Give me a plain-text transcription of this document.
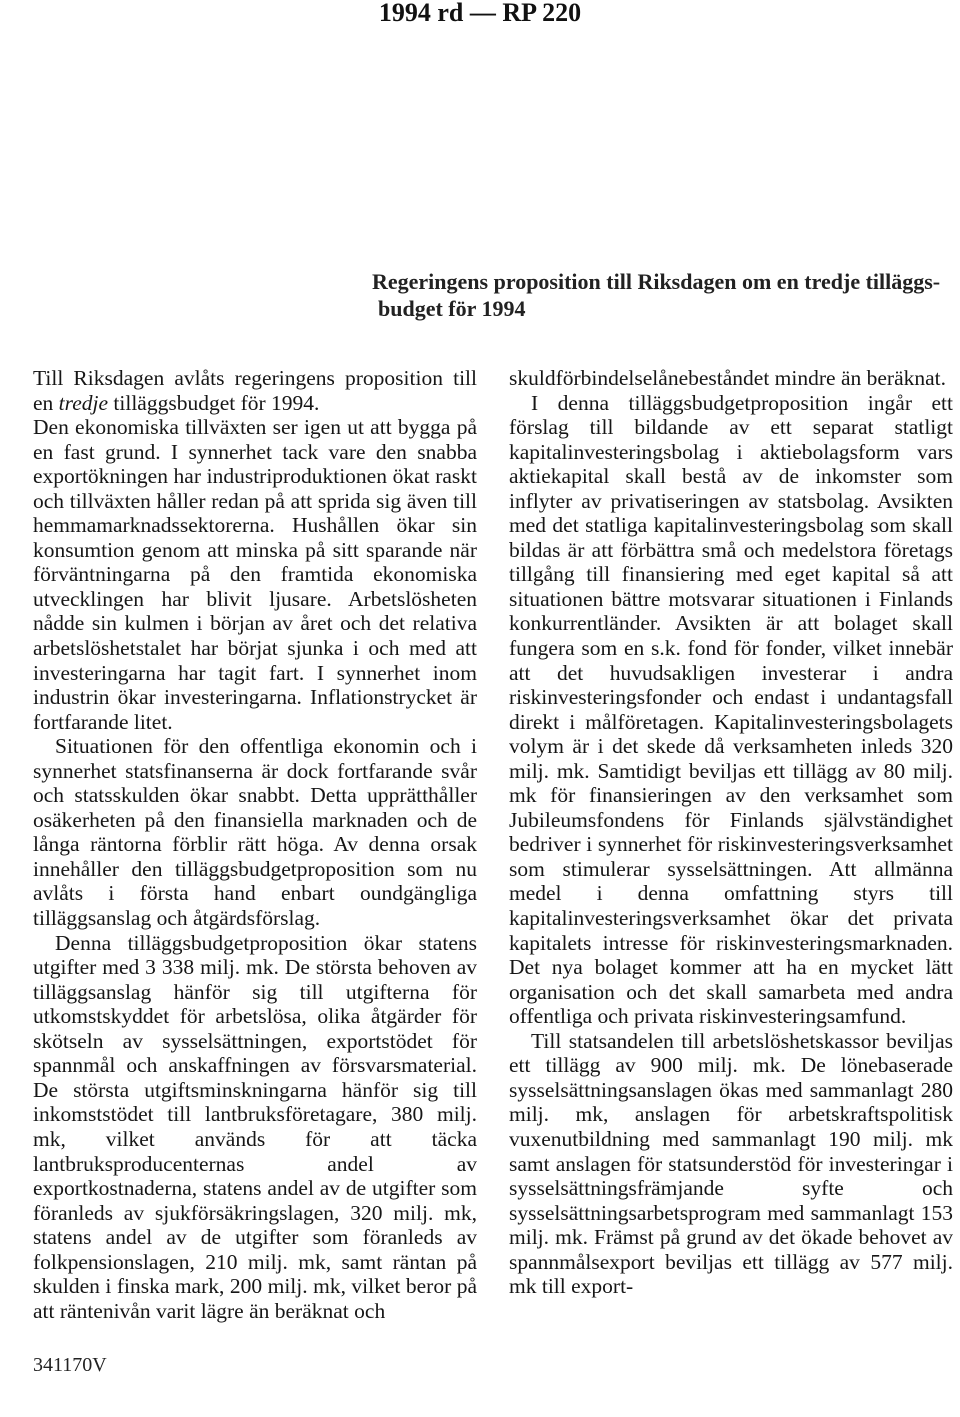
1994 rd — RP 220
Regeringens proposition till Riksdagen om en tredje tilläggs-
budget för 1994

Till Riksdagen avlåts regeringens proposition till en tredje tilläggsbudget för 1994.

Den ekonomiska tillväxten ser igen ut att bygga på en fast grund. I synnerhet tack vare den snabba exportökningen har industriproduktionen ökat raskt och tillväxten håller redan på att sprida sig även till hemmamarknadssektorerna. Hushållen ökar sin konsumtion genom att minska på sitt sparande när förväntningarna på den framtida ekonomiska utvecklingen har blivit ljusare. Arbetslösheten nådde sin kulmen i början av året och det relativa arbetslöshetstalet har börjat sjunka i och med att investeringarna har tagit fart. I synnerhet inom industrin ökar investeringarna. Inflationstrycket är fortfarande litet.

Situationen för den offentliga ekonomin och i synnerhet statsfinanserna är dock fortfarande svår och statsskulden ökar snabbt. Detta upprätthåller osäkerheten på den finansiella marknaden och de långa räntorna förblir rätt höga. Av denna orsak innehåller den tilläggsbudgetproposition som nu avlåts i första hand enbart oundgängliga tilläggsanslag och åtgärdsförslag.

Denna tilläggsbudgetproposition ökar statens utgifter med 3 338 milj. mk. De största behoven av tilläggsanslag hänför sig till utgifterna för utkomstskyddet för arbetslösa, olika åtgärder för skötseln av sysselsättningen, exportstödet för spannmål och anskaffningen av försvarsmaterial. De största utgiftsminskningarna hänför sig till inkomststödet till lantbruksföretagare, 380 milj. mk, vilket används för att täcka lantbruksproducenternas andel av exportkostnaderna, statens andel av de utgifter som föranleds av sjukförsäkringslagen, 320 milj. mk, statens andel av de utgifter som föranleds av folkpensionslagen, 210 milj. mk, samt räntan på skulden i finska mark, 200 milj. mk, vilket beror på att räntenivån varit lägre än beräknat och

skuldförbindelselånebeståndet mindre än beräknat.

I denna tilläggsbudgetproposition ingår ett förslag till bildande av ett separat statligt kapitalinvesteringsbolag i aktiebolagsform vars aktiekapital skall bestå av de inkomster som inflyter av privatiseringen av statsbolag. Avsikten med det statliga kapitalinvesteringsbolag som skall bildas är att förbättra små och medelstora företags tillgång till finansiering med eget kapital så att situationen bättre motsvarar situationen i Finlands konkurrentländer. Avsikten är att bolaget skall fungera som en s.k. fond för fonder, vilket innebär att det huvudsakligen investerar i andra riskinvesteringsfonder och endast i undantagsfall direkt i målföretagen. Kapitalinvesteringsbolagets volym är i det skede då verksamheten inleds 320 milj. mk. Samtidigt beviljas ett tillägg av 80 milj. mk för finansieringen av den verksamhet som Jubileumsfondens för Finlands självständighet bedriver i synnerhet för riskinvesteringsverksamhet som stimulerar sysselsättningen. Att allmänna medel i denna omfattning styrs till kapitalinvesteringsverksamhet ökar det privata kapitalets intresse för riskinvesteringsmarknaden. Det nya bolaget kommer att ha en mycket lätt organisation och det skall samarbeta med andra offentliga och privata riskinvesteringsamfund.

Till statsandelen till arbetslöshetskassor beviljas ett tillägg av 900 milj. mk. De lönebaserade sysselsättningsanslagen ökas med sammanlagt 280 milj. mk, anslagen för arbetskraftspolitisk vuxenutbildning med sammanlagt 190 milj. mk samt anslagen för statsunderstöd för investeringar i sysselsättningsfrämjande syfte och sysselsättningsarbetsprogram med sammanlagt 153 milj. mk. Främst på grund av det ökade behovet av spannmålsexport beviljas ett tillägg av 577 milj. mk till export-

341170V
